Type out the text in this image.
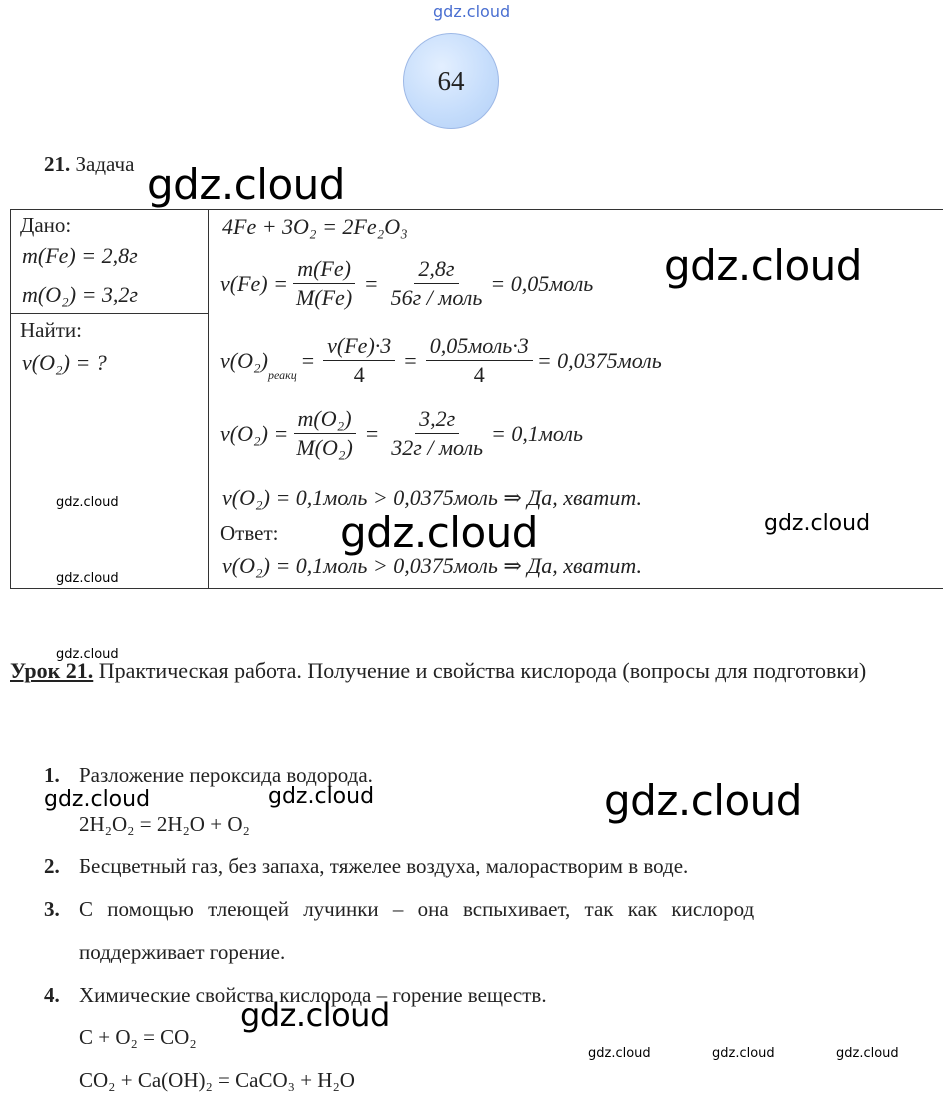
gdz.cloud
64
21. Задача
Дано:
m(Fe) = 2,8г
m(O₂) = 3,2г
Найти:
ν(O₂) = ?
4Fe + 3O₂ = 2Fe₂O₃
$\nu(Fe) = \frac{m(Fe)}{M(Fe)} = \frac{2,8г}{\text{56г / моль}}$ = 0,05моль
ν(O₂)
реакц
= $\frac{\nu(Fe)\cdot 3}{4} = \frac{\text{0,05моль·3}}{4}$ = 0,0375моль
$\nu(O_2) = \frac{\text{m(O₂)}}{\text{M(O₂)}} = \frac{3,2г}{\text{32г / моль}}$ = 0,1моль
ν(O₂) = 0,1моль > 0,0375моль ⇒ Да, хватит.
Ответ:
ν(O₂) = 0,1моль > 0,0375моль ⇒ Да, хватит.
Урок 21. Практическая работа. Получение и свойства кислорода (вопросы для подготовки)
1. Разложение пероксида водорода.
2H₂O₂ = 2H₂O + O₂
2. Бесцветный газ, без запаха, тяжелее воздуха, малорастворим в воде.
3. С помощью тлеющей лучинки – она вспыхивает, так как кислород
поддерживает горение.
4. Химические свойства кислорода – горение веществ.
C + O₂ = CO₂
CO₂ + Ca(OH)₂ = CaCO₃ + H₂O
gdz.cloud
gdz.cloud
gdz.cloud
gdz.cloud	gdz.cloud
gdz.cloud
gdz.cloud
gdz.cloud	gdz.cloud	gdz.cloud
gdz.cloud
gdz.cloud	gdz.cloud	gdz.cloud
